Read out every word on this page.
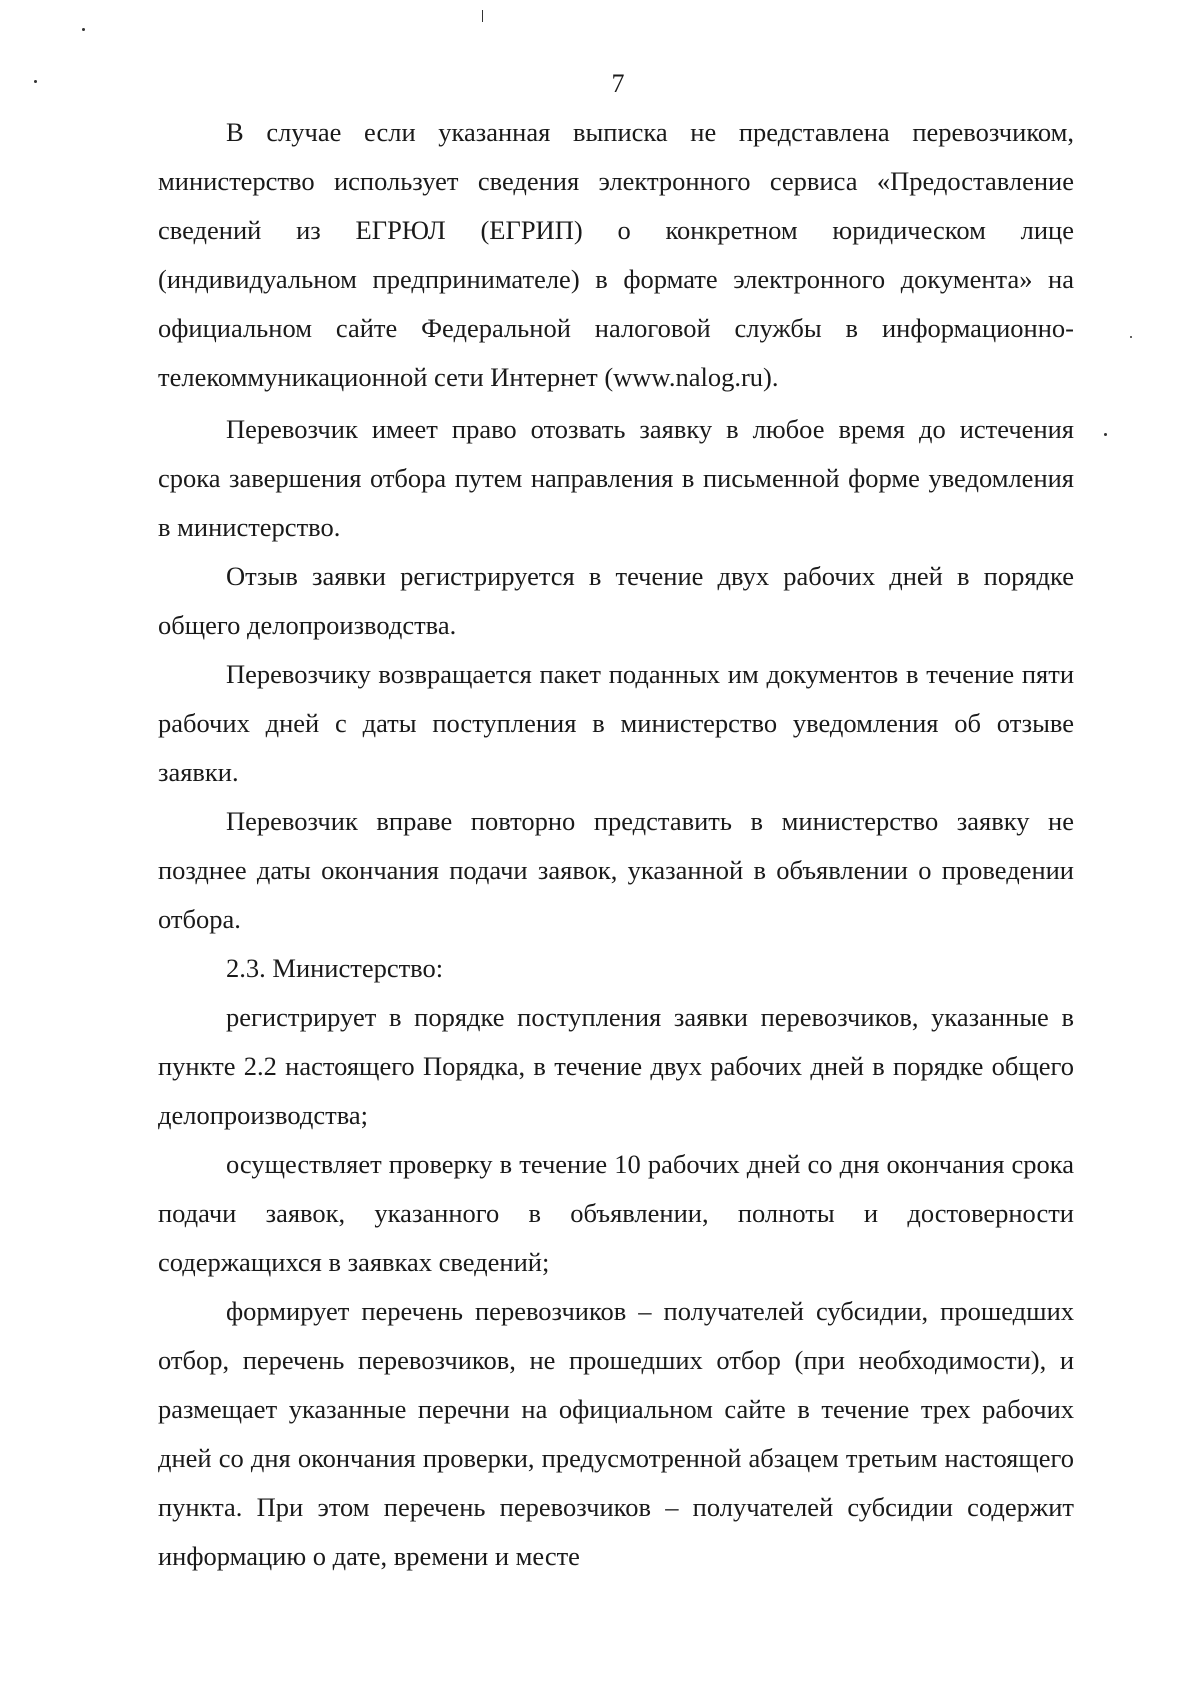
7

В случае если указанная выписка не представлена перевозчиком, министерство использует сведения электронного сервиса «Предоставление сведений из ЕГРЮЛ (ЕГРИП) о конкретном юридическом лице (индивидуальном предпринимателе) в формате электронного документа» на официальном сайте Федеральной налоговой службы в информационно-телекоммуникационной сети Интернет (www.nalog.ru).

Перевозчик имеет право отозвать заявку в любое время до истечения срока завершения отбора путем направления в письменной форме уведомления в министерство.

Отзыв заявки регистрируется в течение двух рабочих дней в порядке общего делопроизводства.

Перевозчику возвращается пакет поданных им документов в течение пяти рабочих дней с даты поступления в министерство уведомления об отзыве заявки.

Перевозчик вправе повторно представить в министерство заявку не позднее даты окончания подачи заявок, указанной в объявлении о проведении отбора.

2.3. Министерство:

регистрирует в порядке поступления заявки перевозчиков, указанные в пункте 2.2 настоящего Порядка, в течение двух рабочих дней в порядке общего делопроизводства;

осуществляет проверку в течение 10 рабочих дней со дня окончания срока подачи заявок, указанного в объявлении, полноты и достоверности содержащихся в заявках сведений;

формирует перечень перевозчиков – получателей субсидии, прошедших отбор, перечень перевозчиков, не прошедших отбор (при необходимости), и размещает указанные перечни на официальном сайте в течение трех рабочих дней со дня окончания проверки, предусмотренной абзацем третьим настоящего пункта. При этом перечень перевозчиков – получателей субсидии содержит информацию о дате, времени и месте
